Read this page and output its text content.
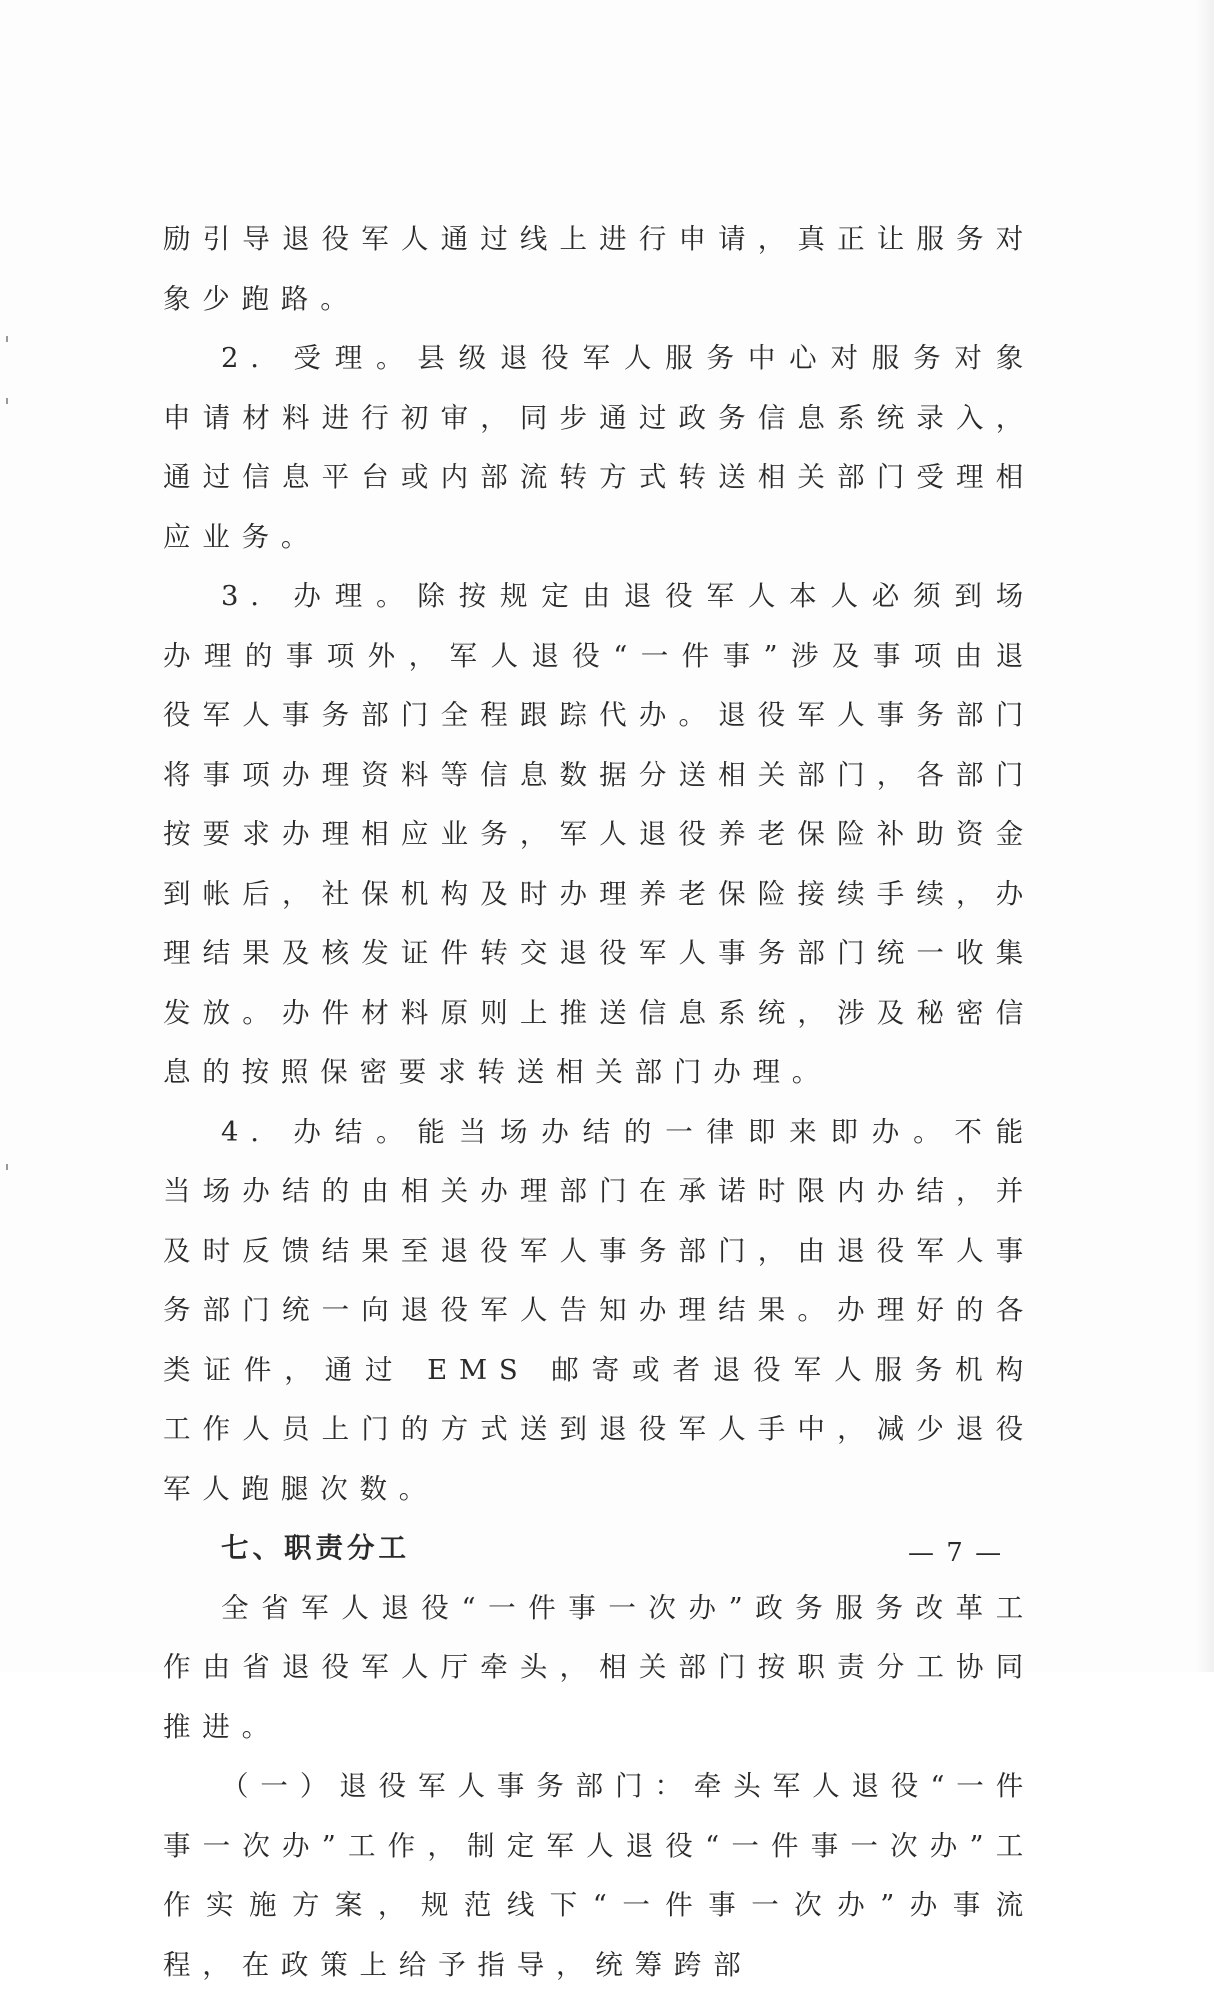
励引导退役军人通过线上进行申请，真正让服务对象少跑路。

2. 受理。县级退役军人服务中心对服务对象申请材料进行初审，同步通过政务信息系统录入，通过信息平台或内部流转方式转送相关部门受理相应业务。

3. 办理。除按规定由退役军人本人必须到场办理的事项外，军人退役“一件事”涉及事项由退役军人事务部门全程跟踪代办。退役军人事务部门将事项办理资料等信息数据分送相关部门，各部门按要求办理相应业务，军人退役养老保险补助资金到帐后，社保机构及时办理养老保险接续手续，办理结果及核发证件转交退役军人事务部门统一收集发放。办件材料原则上推送信息系统，涉及秘密信息的按照保密要求转送相关部门办理。

4. 办结。能当场办结的一律即来即办。不能当场办结的由相关办理部门在承诺时限内办结，并及时反馈结果至退役军人事务部门，由退役军人事务部门统一向退役军人告知办理结果。办理好的各类证件，通过 EMS 邮寄或者退役军人服务机构工作人员上门的方式送到退役军人手中，减少退役军人跑腿次数。

七、职责分工

全省军人退役“一件事一次办”政务服务改革工作由省退役军人厅牵头，相关部门按职责分工协同推进。

（一）退役军人事务部门：牵头军人退役“一件事一次办”工作，制定军人退役“一件事一次办”工作实施方案，规范线下“一件事一次办”办事流程，在政策上给予指导，统筹跨部

— 7 —
